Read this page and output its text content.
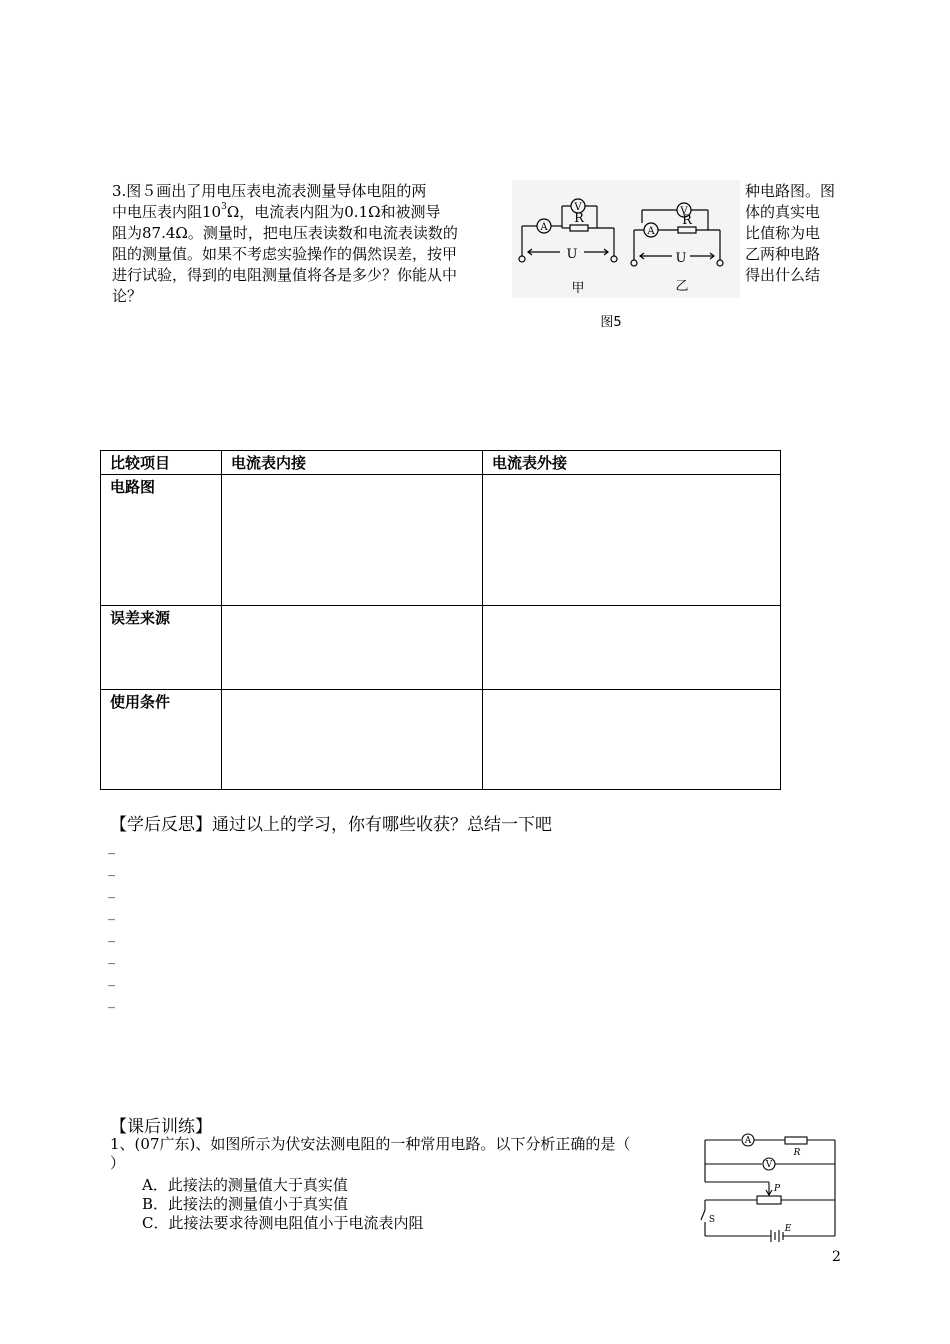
3.图５画出了用电压表电流表测量导体电阻的两
中电压表内阻$10^3\Omega$，电流表内阻为0.1Ω和被测导
阻为87.4Ω。测量时，把电压表读数和电流表读数的
阻的测量值。如果不考虑实验操作的偶然误差，按甲
进行试验，得到的电阻测量值将各是多少？你能从中
论？
种电路图。图
体的真实电
比值称为电
乙两种电路
得出什么结
A
V
R
U
A
V
R
U
甲	乙
图5
比较项目	电流表内接	电流表外接
电路图		
误差来源		
使用条件		
【学后反思】通过以上的学习，你有哪些收获？总结一下吧
_
_
_
_
_
_
_
_
【课后训练】
1、(07广东)、如图所示为伏安法测电阻的一种常用电路。以下分析正确的是（
）
A．此接法的测量值大于真实值
B．此接法的测量值小于真实值
C．此接法要求待测电阻值小于电流表内阻
A
R
V
P
S
E
2
